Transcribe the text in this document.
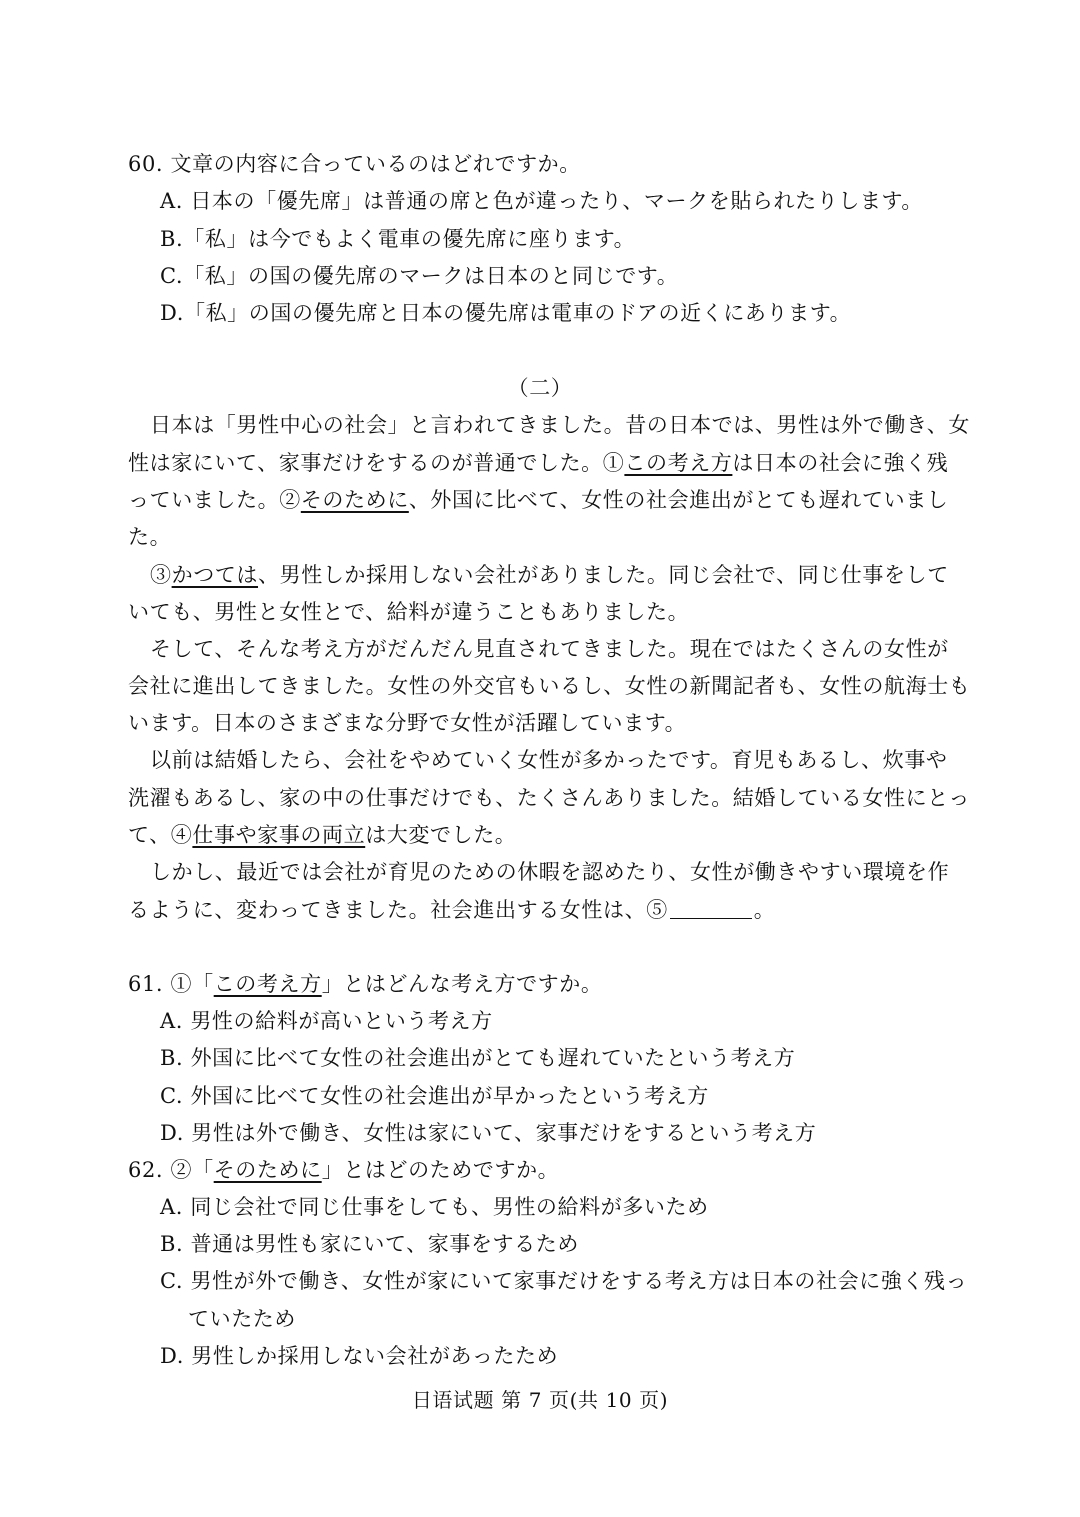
60. 文章の内容に合っているのはどれですか。
A. 日本の「優先席」は普通の席と色が違ったり、マークを貼られたりします。
B.「私」は今でもよく電車の優先席に座ります。
C.「私」の国の優先席のマークは日本のと同じです。
D.「私」の国の優先席と日本の優先席は電車のドアの近くにあります。
（二）
日本は「男性中心の社会」と言われてきました。昔の日本では、男性は外で働き、女
性は家にいて、家事だけをするのが普通でした。①この考え方は日本の社会に強く残
っていました。②そのために、外国に比べて、女性の社会進出がとても遅れていまし
た。
③かつては、男性しか採用しない会社がありました。同じ会社で、同じ仕事をして
いても、男性と女性とで、給料が違うこともありました。
そして、そんな考え方がだんだん見直されてきました。現在ではたくさんの女性が
会社に進出してきました。女性の外交官もいるし、女性の新聞記者も、女性の航海士も
います。日本のさまざまな分野で女性が活躍しています。
以前は結婚したら、会社をやめていく女性が多かったです。育児もあるし、炊事や
洗濯もあるし、家の中の仕事だけでも、たくさんありました。結婚している女性にとっ
て、④仕事や家事の両立は大変でした。
しかし、最近では会社が育児のための休暇を認めたり、女性が働きやすい環境を作
るように、変わってきました。社会進出する女性は、⑤	。
61. ①「この考え方」とはどんな考え方ですか。
A. 男性の給料が高いという考え方
B. 外国に比べて女性の社会進出がとても遅れていたという考え方
C. 外国に比べて女性の社会進出が早かったという考え方
D. 男性は外で働き、女性は家にいて、家事だけをするという考え方
62. ②「そのために」とはどのためですか。
A. 同じ会社で同じ仕事をしても、男性の給料が多いため
B. 普通は男性も家にいて、家事をするため
C. 男性が外で働き、女性が家にいて家事だけをする考え方は日本の社会に強く残っ
ていたため
D. 男性しか採用しない会社があったため
日语试题 第 7 页(共 10 页)
